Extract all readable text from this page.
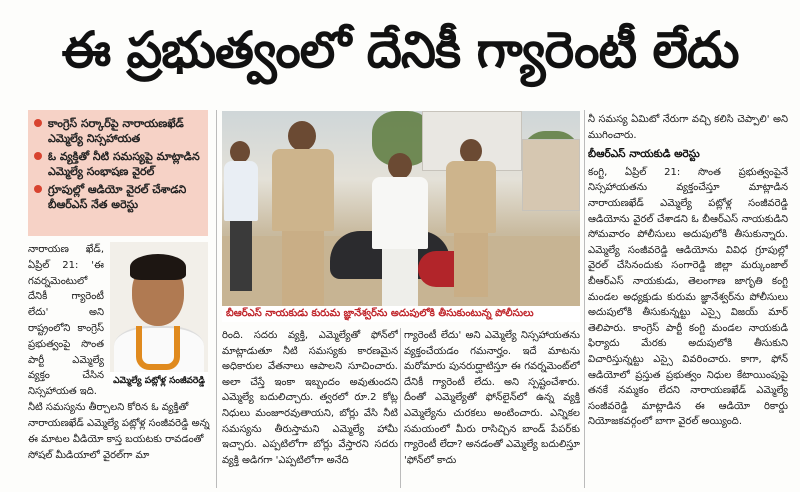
ఈ ప్రభుత్వంలో దేనికీ గ్యారెంటీ లేదు
కాంగ్రెస్ సర్కార్‌పై నారాయణఖేడ్ ఎమ్మెల్యే నిస్సహాయత
ఓ వ్యక్తితో నీటి సమస్యపై మాట్లాడిన ఎమ్మెల్యే సంభాషణ వైరల్
గ్రూపుల్లో ఆడియో వైరల్ చేశాడని బీఆర్‌ఎస్ నేత అరెస్టు
బీఆర్ఎస్ నాయకుడు కురుమ జ్ఞానేశ్వర్‌ను అదుపులోకి తీసుకుంటున్న పోలీసులు
నారాయణ ఖేడ్, ఏప్రిల్ 21: 'ఈ గవర్నమెంటులో దేనికీ గ్యారెంటీ లేదు' అని రాష్ట్రంలోని కాంగ్రెస్ ప్రభుత్వంపై సొంత పార్టీ ఎమ్మెల్యే వ్యక్తం చేసిన నిస్సహాయత ఇది.
ఎమ్మెల్యే పట్లోళ్ల సంజీవరెడ్డి
నీటి సమస్యను తీర్చాలని కోరిన ఓ వ్యక్తితో నారాయణఖేడ్ ఎమ్మెల్యే పట్లోళ్ల సంజీవరెడ్డి అన్న ఈ మాటల వీడియో కాస్త బయటకు రావడంతో సోషల్ మీడియాలో వైరల్‌గా మా
రింది. సదరు వ్యక్తి, ఎమ్మెల్యేతో ఫోన్‌లో మాట్లాడుతూ నీటి సమస్యకు కారణమైన అధికారుల వేతనాలు ఆపాలని సూచించారు. అలా చేస్తే ఇంకా ఇబ్బందం అవుతుందని ఎమ్మెల్యే బదులిచ్చారు. త్వరలో రూ.2 కోట్ల నిధులు మంజూరవుతాయని, బోర్లు వేసి నీటి సమస్యను తీరుస్తామని ఎమ్మెల్యే హామీ ఇచ్చారు. ఎప్పటిలోగా బోర్లు వేస్తారని సదరు వ్యక్తి అడిగగా 'ఎప్పటిలోగా అనేది
గ్యారెంటీ లేదు' అని ఎమ్మెల్యే నిస్సహాయతను వ్యక్తంచేయడం గమనార్హం. ఇదే మాటను మరోమారు పునరుద్ఘాటిస్తూ ఈ గవర్నమెంట్‌లో దేనికీ గ్యారెంటీ లేదు. అని స్పష్టంచేశారు. దీంతో ఎమ్మెల్యేతో ఫోన్‌లైన్‌లో ఉన్న వ్యక్తి ఎమ్మెల్యేను చురకలు అంటించారు. ఎన్నికల సమయంలో మీరు రాసిచ్చిన బాండ్ పేపర్‌కు గ్యారెంటీ లేదా? అనడంతో ఎమ్మెల్యే బదులిస్తూ 'ఫోన్‌లో కాదు
నీ సమస్య ఏమిటో నేరుగా వచ్చి కలిసి చెప్పాలి' అని ముగించారు.
బీఆర్ఎస్ నాయకుడి అరెస్టు
కంగ్టి, ఏప్రిల్ 21: సొంత ప్రభుత్వంపైనే నిస్సహాయతను వ్యక్తంచేస్తూ మాట్లాడిన నారాయణఖేడ్ ఎమ్మెల్యే పట్లోళ్ల సంజీవరెడ్డి ఆడియోను వైరల్ చేశాడని ఓ బీఆర్ఎస్ నాయకుడిని సోమవారం పోలీసులు అదుపులోకి తీసుకున్నారు. ఎమ్మెల్యే సంజీవరెడ్డి ఆడియోను వివిధ గ్రూపుల్లో వైరల్ చేసినందుకు సంగారెడ్డి జిల్లా మర్కుంజాల్ బీఆర్ఎస్ నాయకుడు, తెలంగాణ జాగృతి కంగ్టి మండల అధ్యక్షుడు కురుమ జ్ఞానేశ్వర్‌ను పోలీసులు అదుపులోకి తీసుకున్నట్టు ఎస్సై విజయ్‌ మార్ తెలిపారు. కాంగ్రెస్ పార్టీ కంగ్టి మండల నాయకుడి ఫిర్యాదు మేరకు అదుపులోకి తీసుకుని విచారిస్తున్నట్టు ఎస్సై వివరించారు. కాగా, ఫోన్ ఆడియోలో ప్రస్తుత ప్రభుత్వం నిధుల కేటాయింపుపై తనకే నమ్మకం లేదని నారాయణఖేడ్ ఎమ్మెల్యే సంజీవరెడ్డి మాట్లాడిన ఈ ఆడియో రికార్డు నియోజకవర్గంలో బాగా వైరల్ అయ్యింది.
